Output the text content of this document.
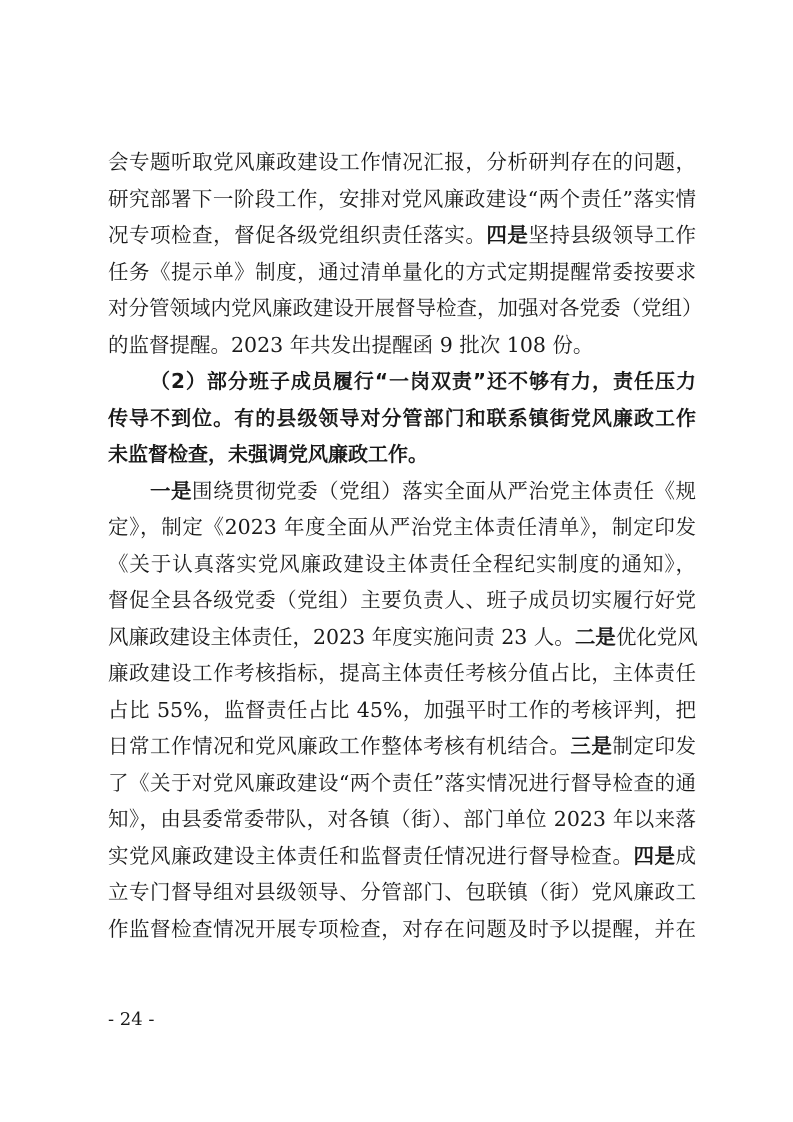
会专题听取党风廉政建设工作情况汇报，分析研判存在的问题，
研究部署下一阶段工作，安排对党风廉政建设“两个责任”落实情
况专项检查，督促各级党组织责任落实。四是坚持县级领导工作
任务《提示单》制度，通过清单量化的方式定期提醒常委按要求
对分管领域内党风廉政建设开展督导检查，加强对各党委（党组）
的监督提醒。2023 年共发出提醒函 9 批次 108 份。
（2）部分班子成员履行“一岗双责”还不够有力，责任压力
传导不到位。有的县级领导对分管部门和联系镇街党风廉政工作
未监督检查，未强调党风廉政工作。
一是围绕贯彻党委（党组）落实全面从严治党主体责任《规
定》，制定《2023 年度全面从严治党主体责任清单》，制定印发
《关于认真落实党风廉政建设主体责任全程纪实制度的通知》，
督促全县各级党委（党组）主要负责人、班子成员切实履行好党
风廉政建设主体责任，2023 年度实施问责 23 人。二是优化党风
廉政建设工作考核指标，提高主体责任考核分值占比，主体责任
占比 55%，监督责任占比 45%，加强平时工作的考核评判，把
日常工作情况和党风廉政工作整体考核有机结合。三是制定印发
了《关于对党风廉政建设“两个责任”落实情况进行督导检查的通
知》，由县委常委带队，对各镇（街）、部门单位 2023 年以来落
实党风廉政建设主体责任和监督责任情况进行督导检查。四是成
立专门督导组对县级领导、分管部门、包联镇（街）党风廉政工
作监督检查情况开展专项检查，对存在问题及时予以提醒，并在
- 24 -
